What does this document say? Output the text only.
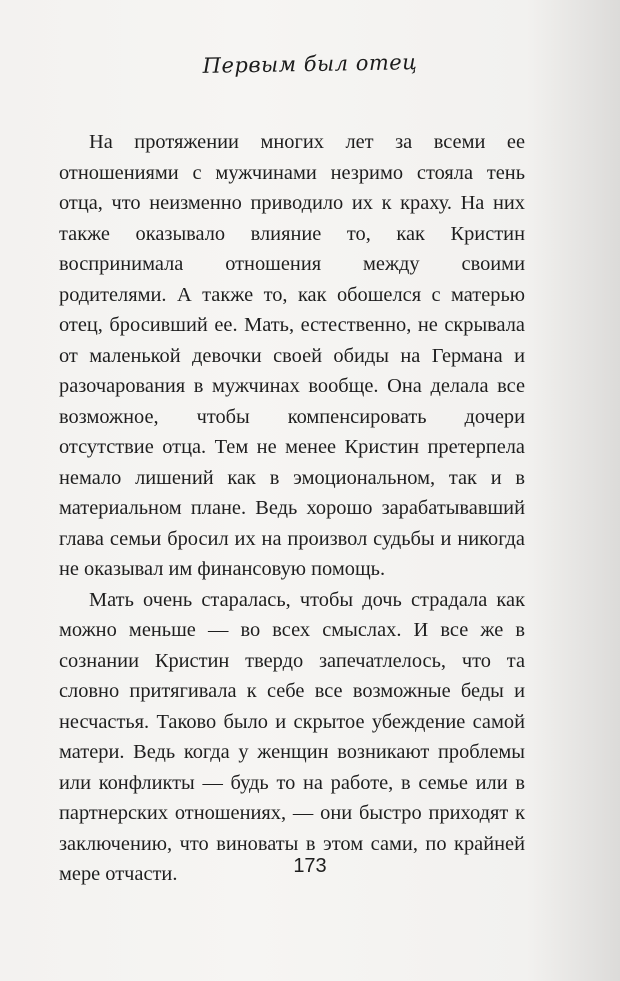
Первым был отец

На протяжении многих лет за всеми ее отношениями с мужчинами незримо стояла тень отца, что неизменно приводило их к краху. На них также оказывало влияние то, как Кристин воспринимала отношения между своими родителями. А также то, как обошелся с матерью отец, бросивший ее. Мать, естественно, не скрывала от маленькой девочки своей обиды на Германа и разочарования в мужчинах вообще. Она делала все возможное, чтобы компенсировать дочери отсутствие отца. Тем не менее Кристин претерпела немало лишений как в эмоциональном, так и в материальном плане. Ведь хорошо зарабатывавший глава семьи бросил их на произвол судьбы и никогда не оказывал им финансовую помощь.

Мать очень старалась, чтобы дочь страдала как можно меньше — во всех смыслах. И все же в сознании Кристин твердо запечатлелось, что та словно притягивала к себе все возможные беды и несчастья. Таково было и скрытое убеждение самой матери. Ведь когда у женщин возникают проблемы или конфликты — будь то на работе, в семье или в партнерских отношениях, — они быстро приходят к заключению, что виноваты в этом сами, по крайней мере отчасти.	173
